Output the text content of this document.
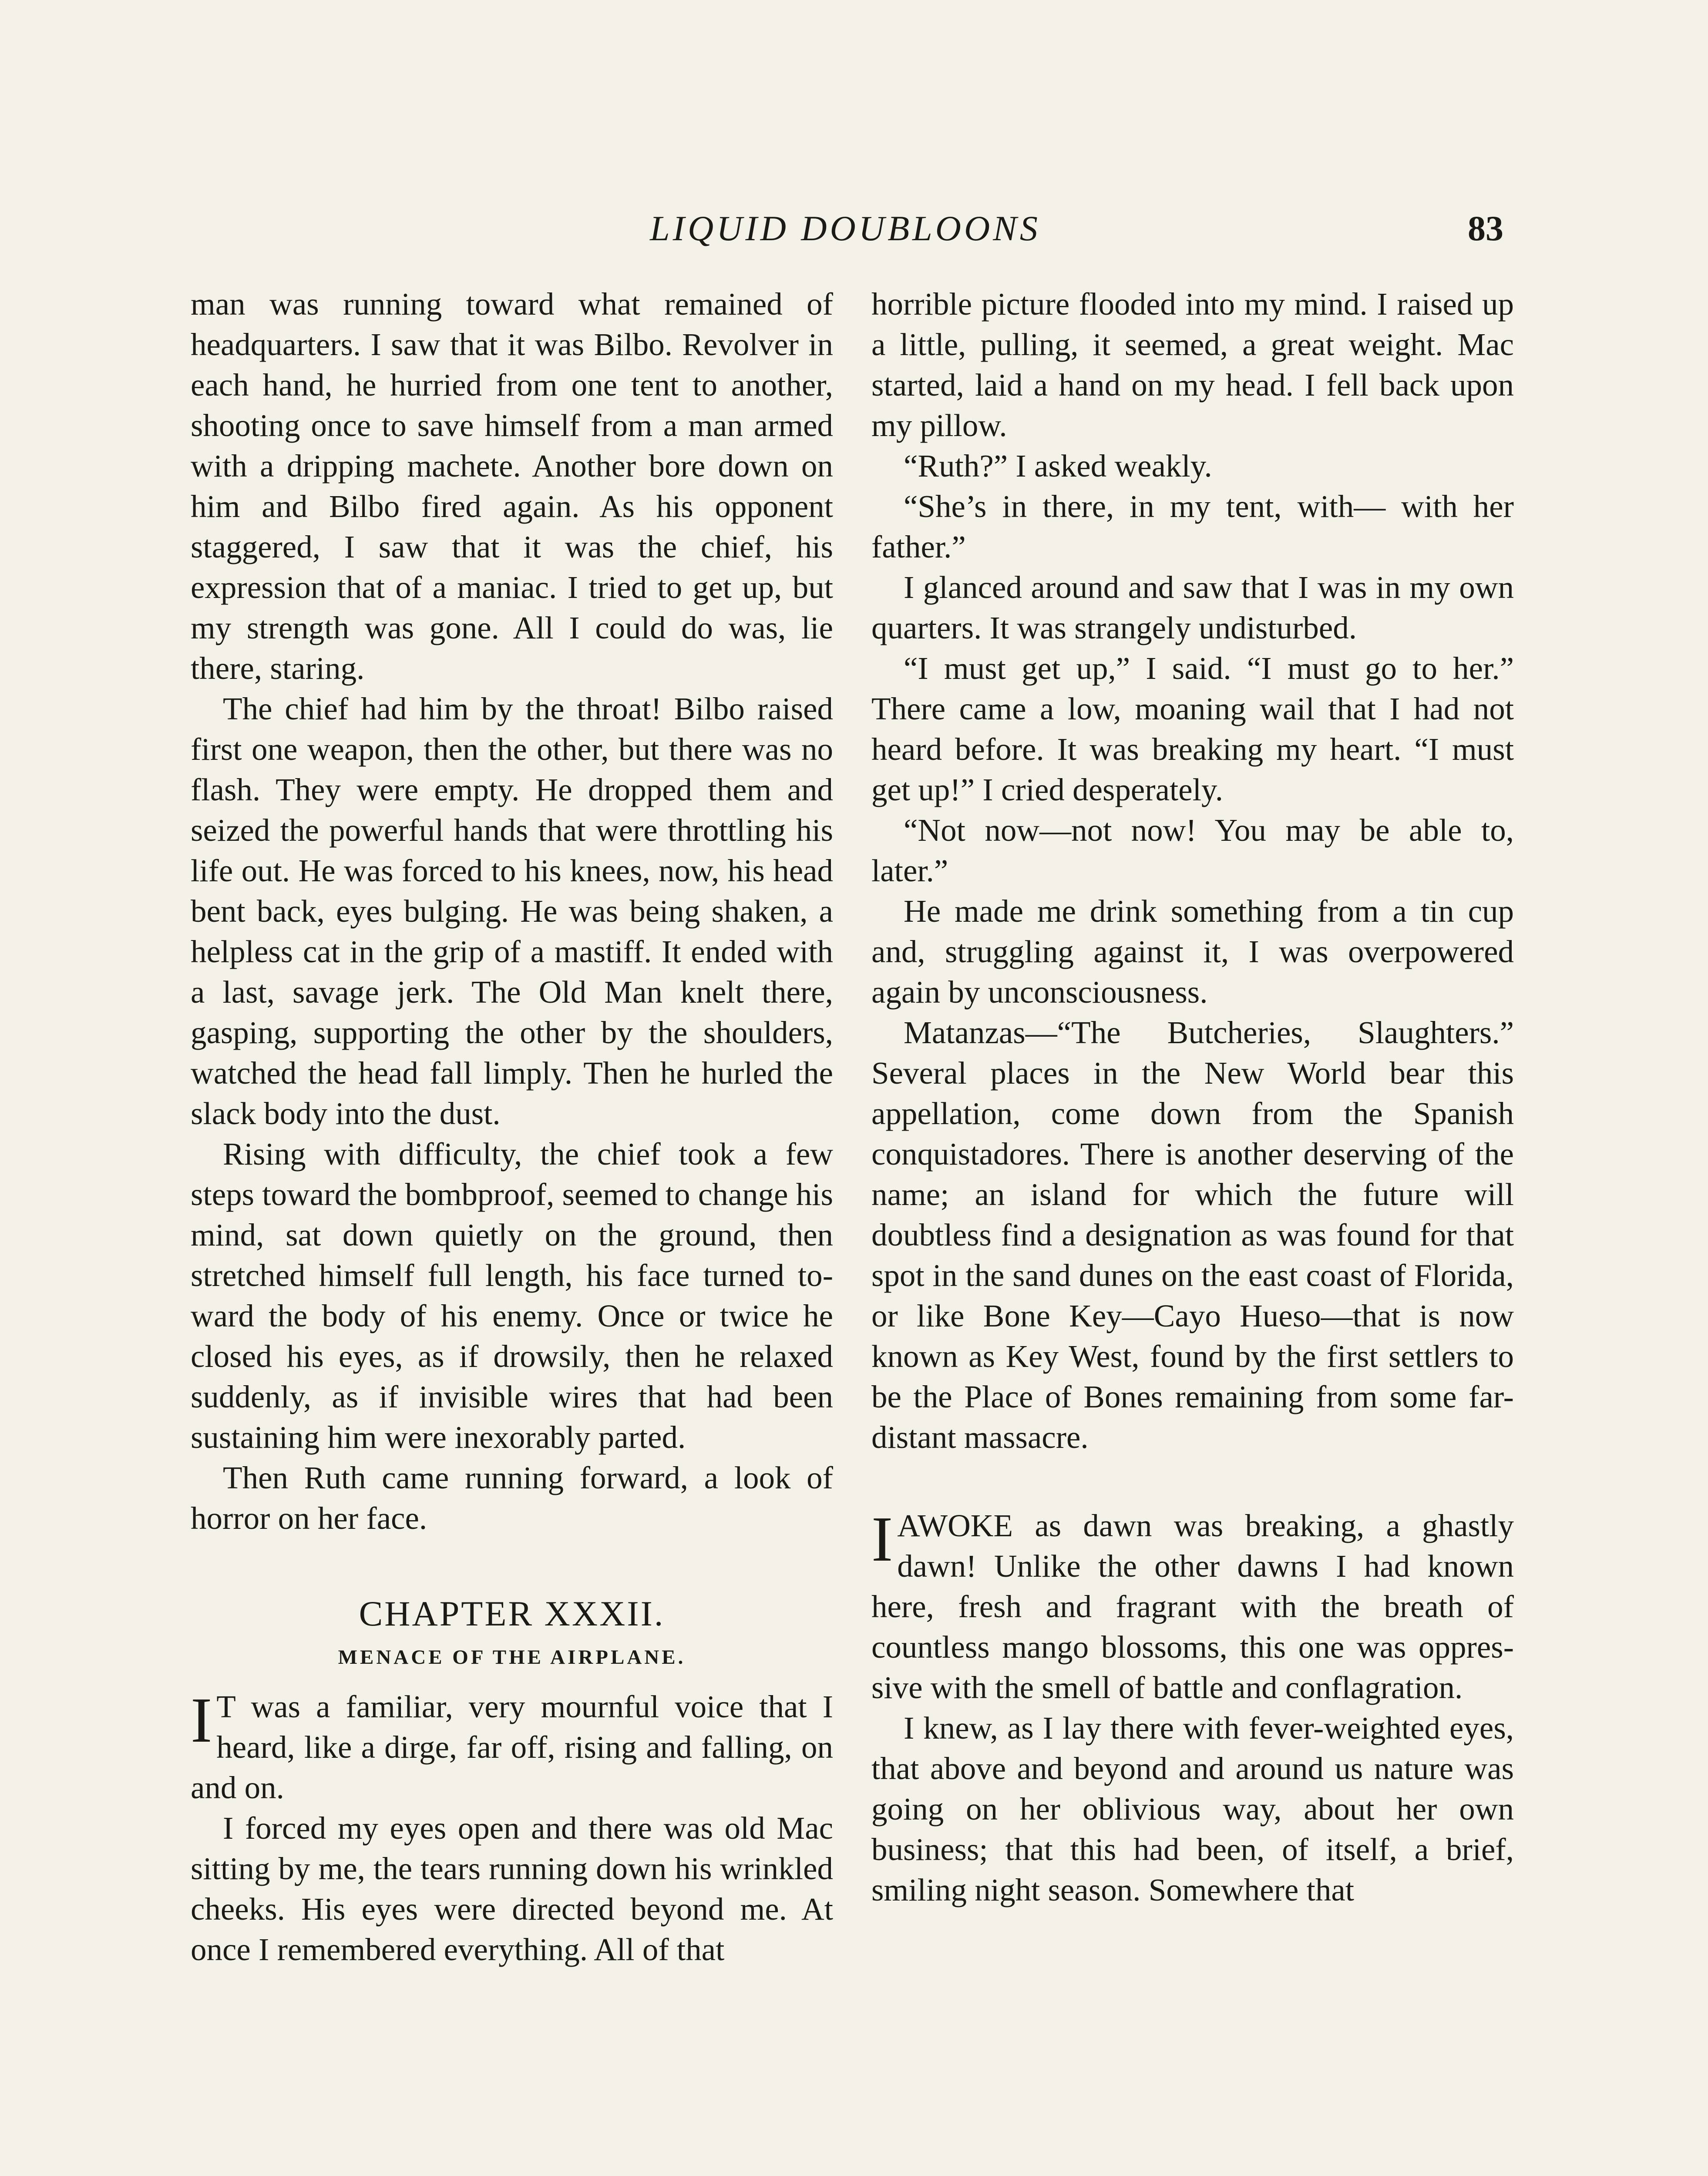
LIQUID DOUBLOONS	83

man was running toward what remained of headquarters. I saw that it was Bilbo. Revolver in each hand, he hurried from one tent to another, shooting once to save himself from a man armed with a dripping machete. Another bore down on him and Bilbo fired again. As his opponent staggered, I saw that it was the chief, his expression that of a maniac. I tried to get up, but my strength was gone. All I could do was, lie there, staring.

The chief had him by the throat! Bilbo raised first one weapon, then the other, but there was no flash. They were empty. He dropped them and seized the powerful hands that were throttling his life out. He was forced to his knees, now, his head bent back, eyes bulging. He was being shaken, a helpless cat in the grip of a mastiff. It ended with a last, savage jerk. The Old Man knelt there, gasping, supporting the other by the shoulders, watched the head fall limply. Then he hurled the slack body into the dust.

Rising with difficulty, the chief took a few steps toward the bombproof, seemed to change his mind, sat down quietly on the ground, then stretched himself full length, his face turned toward the body of his enemy. Once or twice he closed his eyes, as if drowsily, then he relaxed suddenly, as if invisible wires that had been sustaining him were inexorably parted.

Then Ruth came running forward, a look of horror on her face.

CHAPTER XXXII.
MENACE OF THE AIRPLANE.

I T was a familiar, very mournful voice that I heard, like a dirge, far off, rising and falling, on and on.

I forced my eyes open and there was old Mac sitting by me, the tears running down his wrinkled cheeks. His eyes were directed beyond me. At once I remembered everything. All of that

horrible picture flooded into my mind. I raised up a little, pulling, it seemed, a great weight. Mac started, laid a hand on my head. I fell back upon my pillow.

“Ruth?” I asked weakly.

“She’s in there, in my tent, with— with her father.”

I glanced around and saw that I was in my own quarters. It was strangely undisturbed.

“I must get up,” I said. “I must go to her.” There came a low, moaning wail that I had not heard before. It was breaking my heart. “I must get up!” I cried desperately.

“Not now—not now! You may be able to, later.”

He made me drink something from a tin cup and, struggling against it, I was overpowered again by unconsciousness.

Matanzas—“The Butcheries, Slaughters.” Several places in the New World bear this appellation, come down from the Spanish conquistadores. There is another deserving of the name; an island for which the future will doubtless find a designation as was found for that spot in the sand dunes on the east coast of Florida, or like Bone Key—Cayo Hueso—that is now known as Key West, found by the first settlers to be the Place of Bones remaining from some far-distant massacre.

IAWOKE as dawn was breaking, a ghastly dawn! Unlike the other dawns I had known here, fresh and fragrant with the breath of countless mango blossoms, this one was oppressive with the smell of battle and conflagration.

I knew, as I lay there with fever-weighted eyes, that above and beyond and around us nature was going on her oblivious way, about her own business; that this had been, of itself, a brief, smiling night season. Somewhere that
